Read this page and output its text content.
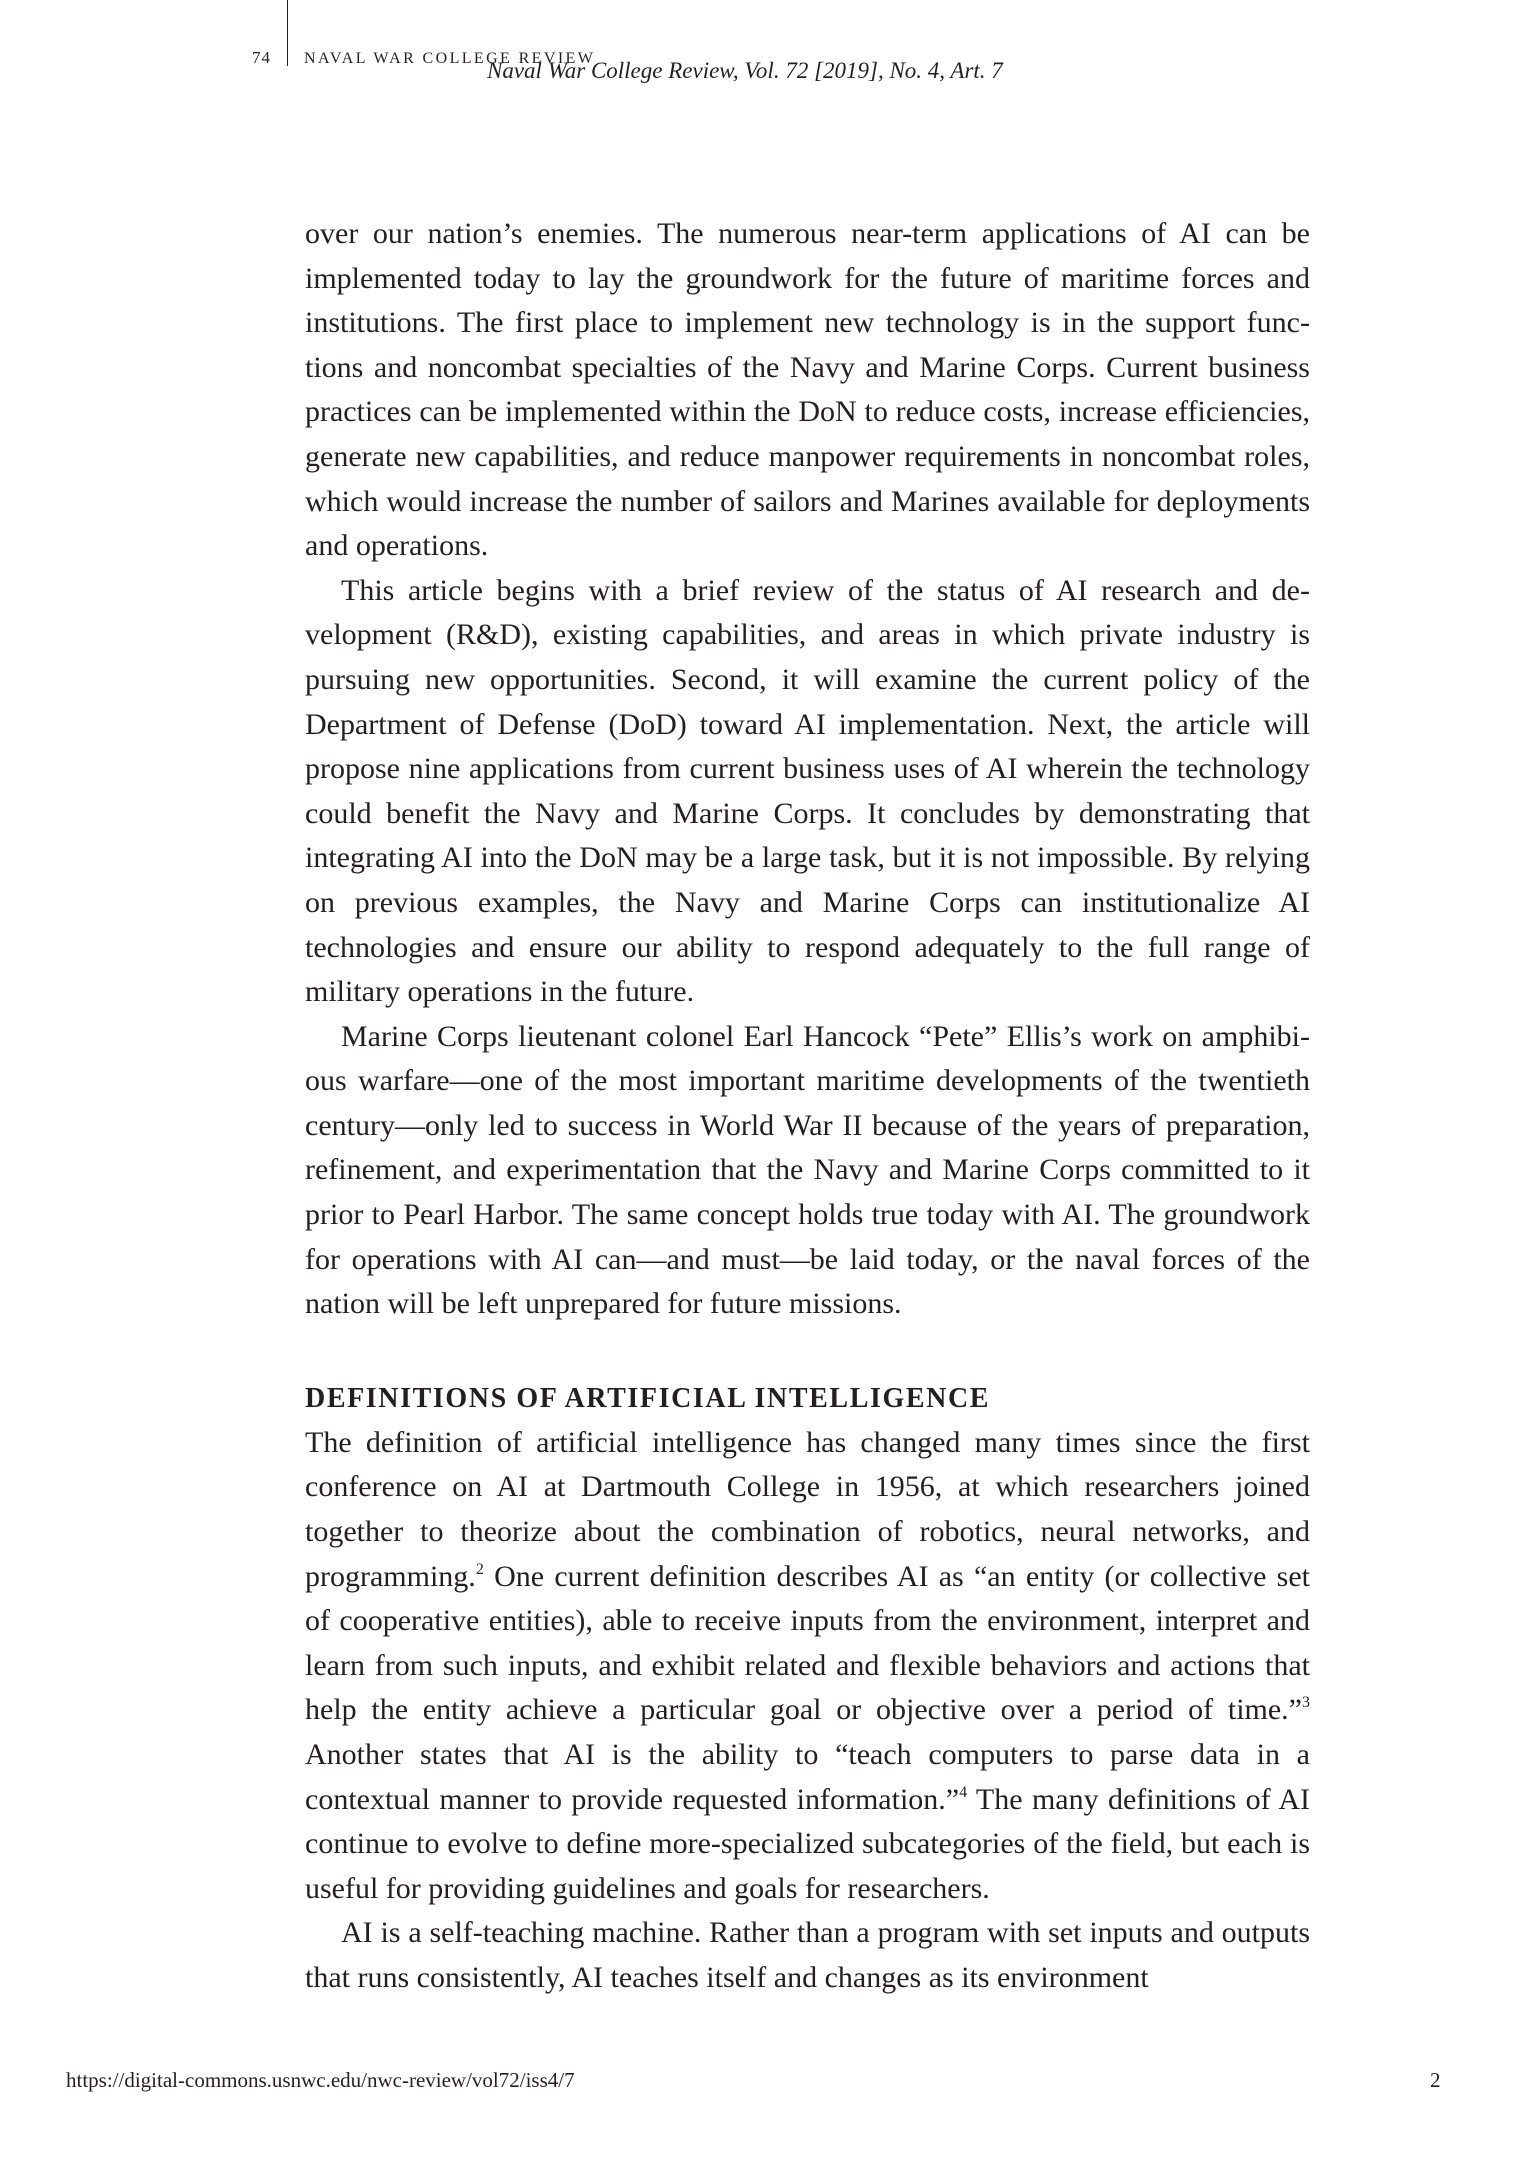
74 NAVAL WAR COLLEGE REVIEW
Naval War College Review, Vol. 72 [2019], No. 4, Art. 7

over our nation’s enemies. The numerous near-term applications of AI can be implemented today to lay the groundwork for the future of maritime forces and institutions. The first place to implement new technology is in the support functions and noncombat specialties of the Navy and Marine Corps. Current business practices can be implemented within the DoN to reduce costs, increase efficiencies, generate new capabilities, and reduce manpower requirements in noncombat roles, which would increase the number of sailors and Marines available for deployments and operations.

This article begins with a brief review of the status of AI research and development (R&D), existing capabilities, and areas in which private industry is pursuing new opportunities. Second, it will examine the current policy of the Department of Defense (DoD) toward AI implementation. Next, the article will propose nine applications from current business uses of AI wherein the technology could benefit the Navy and Marine Corps. It concludes by demonstrating that integrating AI into the DoN may be a large task, but it is not impossible. By relying on previous examples, the Navy and Marine Corps can institutionalize AI technologies and ensure our ability to respond adequately to the full range of military operations in the future.

Marine Corps lieutenant colonel Earl Hancock “Pete” Ellis’s work on amphibious warfare—one of the most important maritime developments of the twentieth century—only led to success in World War II because of the years of preparation, refinement, and experimentation that the Navy and Marine Corps committed to it prior to Pearl Harbor. The same concept holds true today with AI. The groundwork for operations with AI can—and must—be laid today, or the naval forces of the nation will be left unprepared for future missions.

DEFINITIONS OF ARTIFICIAL INTELLIGENCE

The definition of artificial intelligence has changed many times since the first conference on AI at Dartmouth College in 1956, at which researchers joined together to theorize about the combination of robotics, neural networks, and programming.$^2$ One current definition describes AI as “an entity (or collective set of cooperative entities), able to receive inputs from the environment, interpret and learn from such inputs, and exhibit related and flexible behaviors and actions that help the entity achieve a particular goal or objective over a period of time.”$^3$ Another states that AI is the ability to “teach computers to parse data in a contextual manner to provide requested information.”$^4$ The many definitions of AI continue to evolve to define more-specialized subcategories of the field, but each is useful for providing guidelines and goals for researchers.

AI is a self-teaching machine. Rather than a program with set inputs and outputs that runs consistently, AI teaches itself and changes as its environment

https://digital-commons.usnwc.edu/nwc-review/vol72/iss4/7	2
